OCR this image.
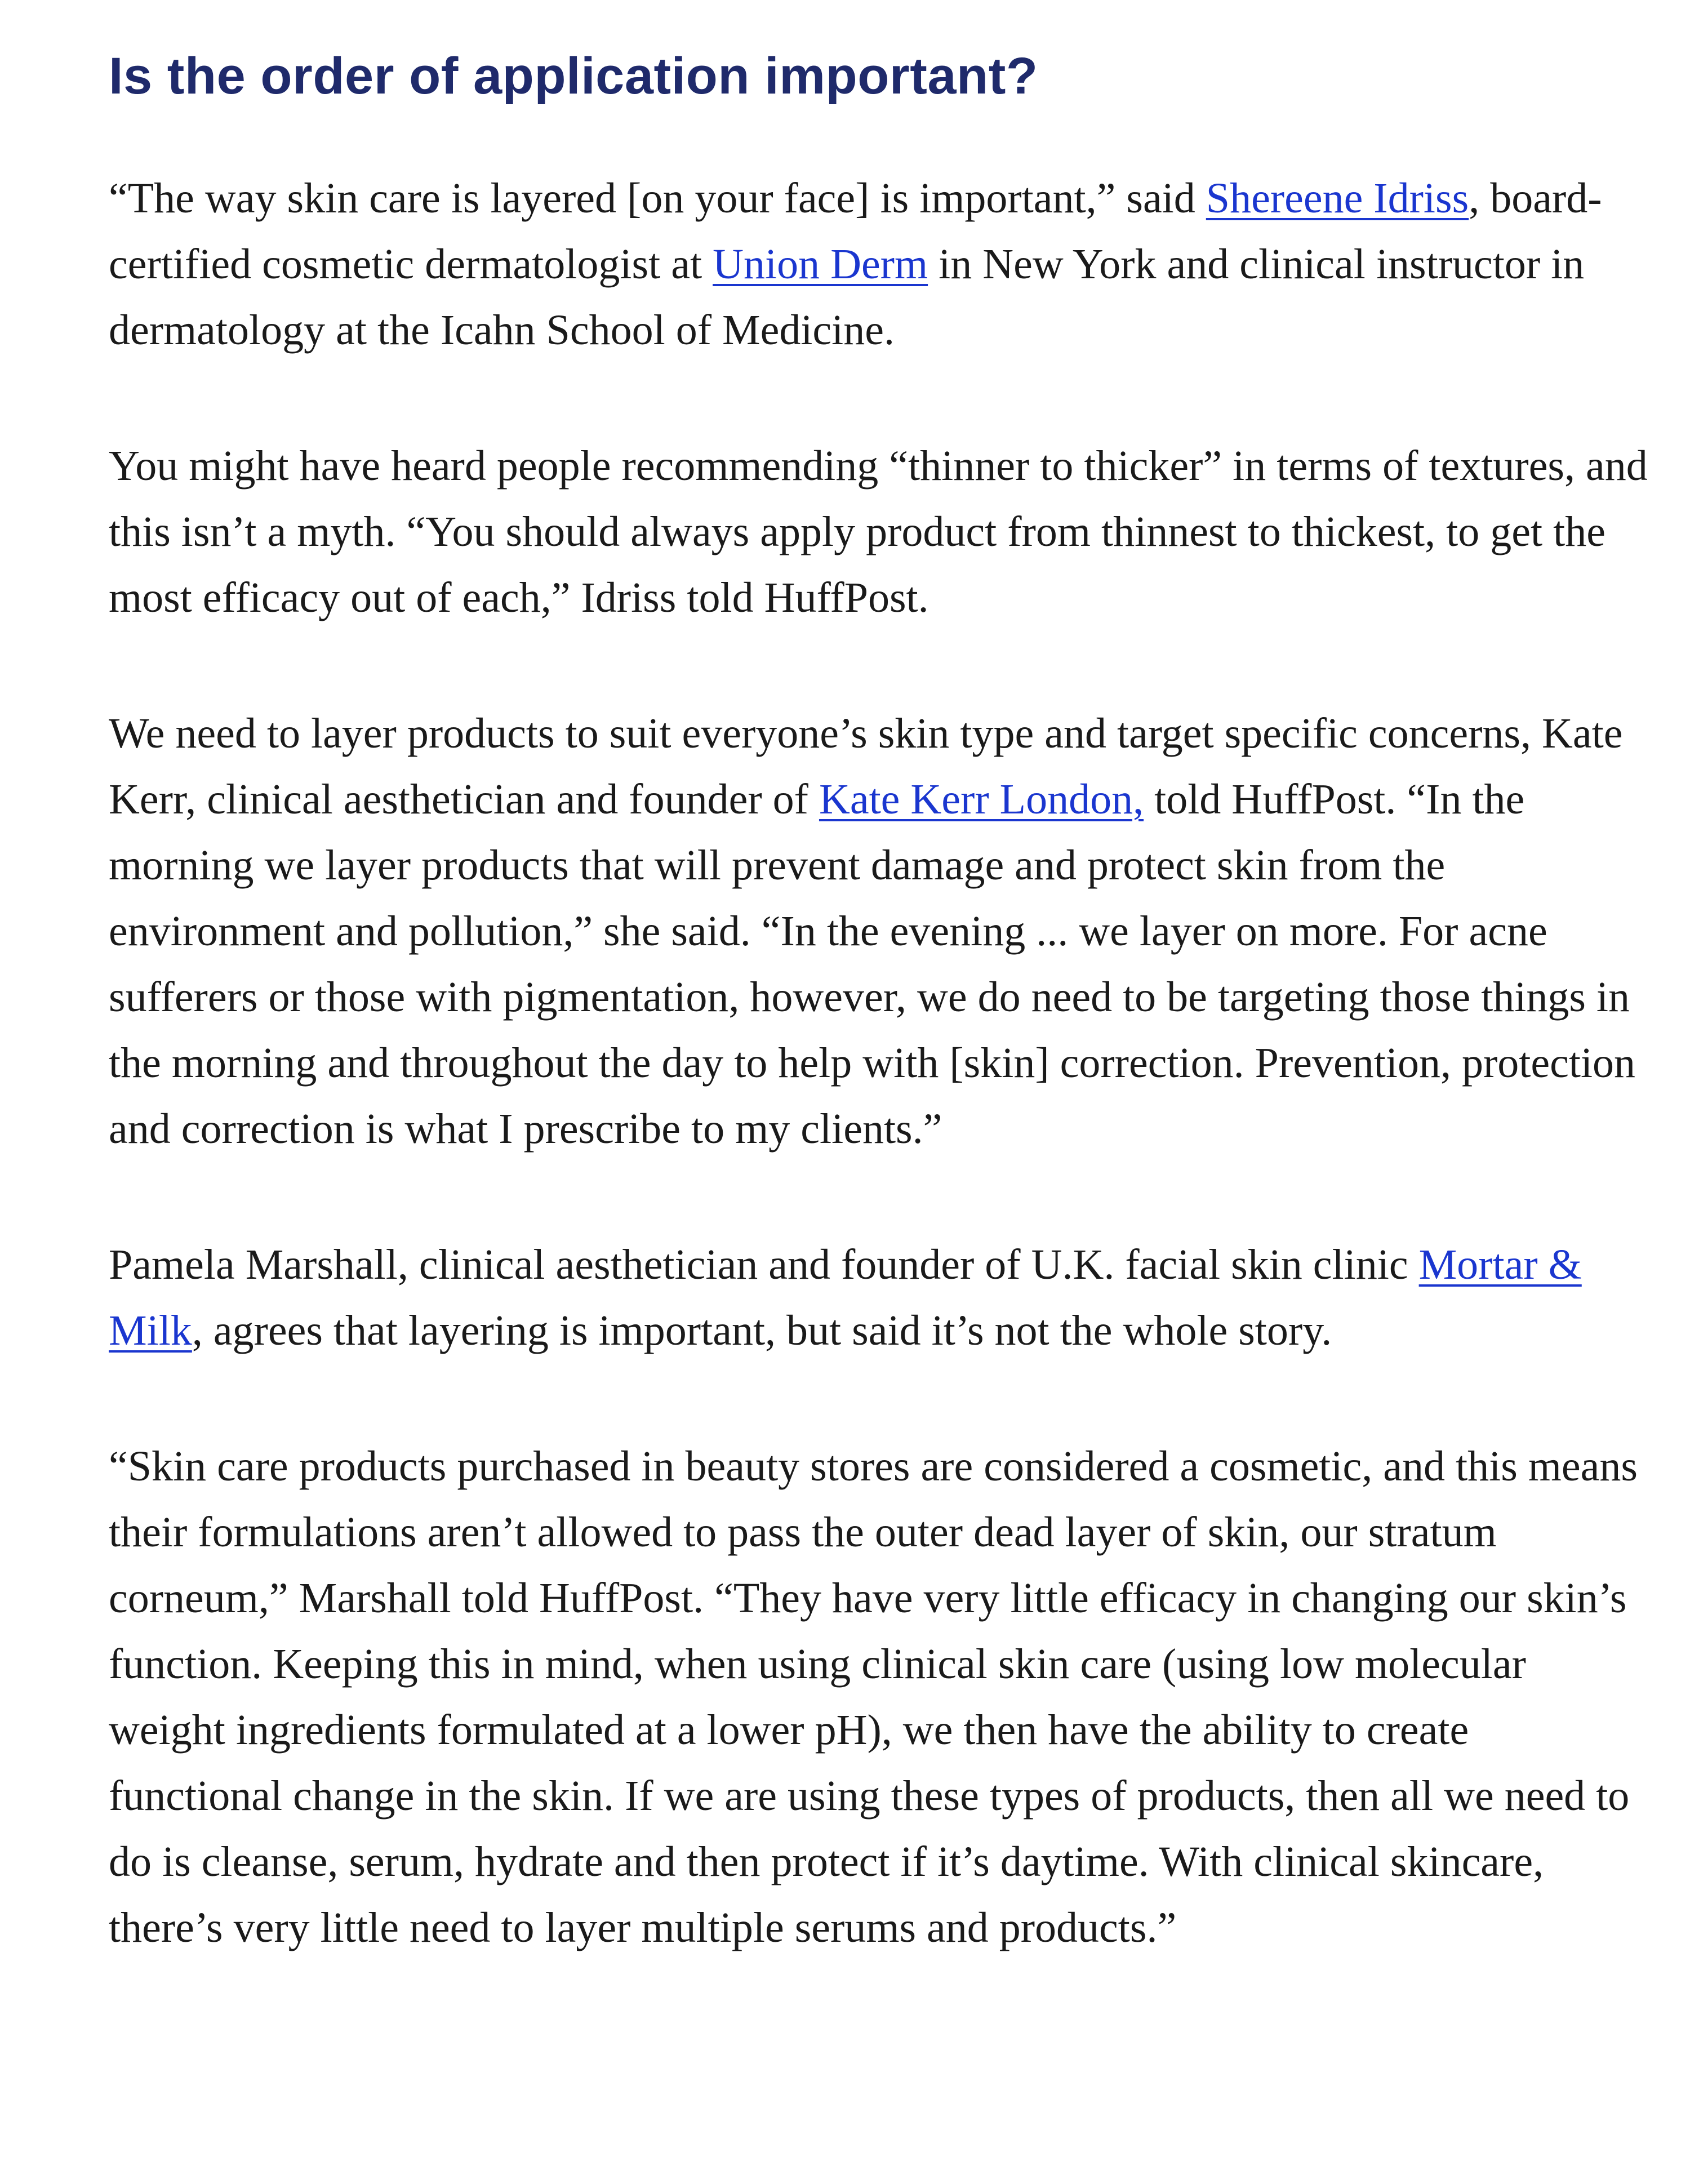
Is the order of application important?

“The way skin care is layered [on your face] is important,” said Shereene Idriss, board-certified cosmetic dermatologist at Union Derm in New York and clinical instructor in dermatology at the Icahn School of Medicine.

You might have heard people recommending “thinner to thicker” in terms of textures, and this isn’t a myth. “You should always apply product from thinnest to thickest, to get the most efficacy out of each,” Idriss told HuffPost.

We need to layer products to suit everyone’s skin type and target specific concerns, Kate Kerr, clinical aesthetician and founder of Kate Kerr London, told HuffPost. “In the morning we layer products that will prevent damage and protect skin from the environment and pollution,” she said. “In the evening ... we layer on more. For acne sufferers or those with pigmentation, however, we do need to be targeting those things in the morning and throughout the day to help with [skin] correction. Prevention, protection and correction is what I prescribe to my clients.”

Pamela Marshall, clinical aesthetician and founder of U.K. facial skin clinic Mortar & Milk, agrees that layering is important, but said it’s not the whole story.

“Skin care products purchased in beauty stores are considered a cosmetic, and this means their formulations aren’t allowed to pass the outer dead layer of skin, our stratum corneum,” Marshall told HuffPost. “They have very little efficacy in changing our skin’s function. Keeping this in mind, when using clinical skin care (using low molecular weight ingredients formulated at a lower pH), we then have the ability to create functional change in the skin. If we are using these types of products, then all we need to do is cleanse, serum, hydrate and then protect if it’s daytime. With clinical skincare, there’s very little need to layer multiple serums and products.”
